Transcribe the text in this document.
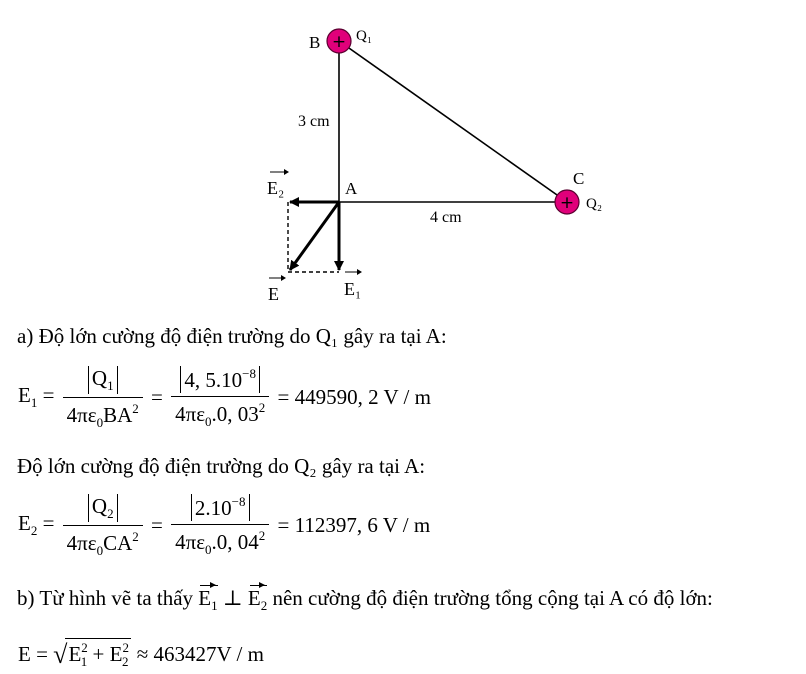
+
+
B Q₁
3 cm
A
C
Q₂
4 cm
E₂
E	E₁
a) Độ lớn cường độ điện trường do Q₁ gây ra tại A:
$E_1 = \frac{Q_1}{4\pi\varepsilon_0BA^2} = \frac{4, 5.10^{-8}}{4\pi\varepsilon_0.0, 03^2} = 449590$, 2 V / m
Độ lớn cường độ điện trường do Q₂ gây ra tại A:
$E_2 = \frac{Q_2}{4\pi\varepsilon_0CA^2} = \frac{2.10^{-8}}{4\pi\varepsilon_0.0, 04^2} = 112397$, 6 V / m
b) Từ hình vẽ ta thấy $E_1$ ⊥ $E_2$ nên cường độ điện trường tổng cộng tại A có độ lớn:
$E = √E^2_1 + E^2_2 \approx 463427V / m$
